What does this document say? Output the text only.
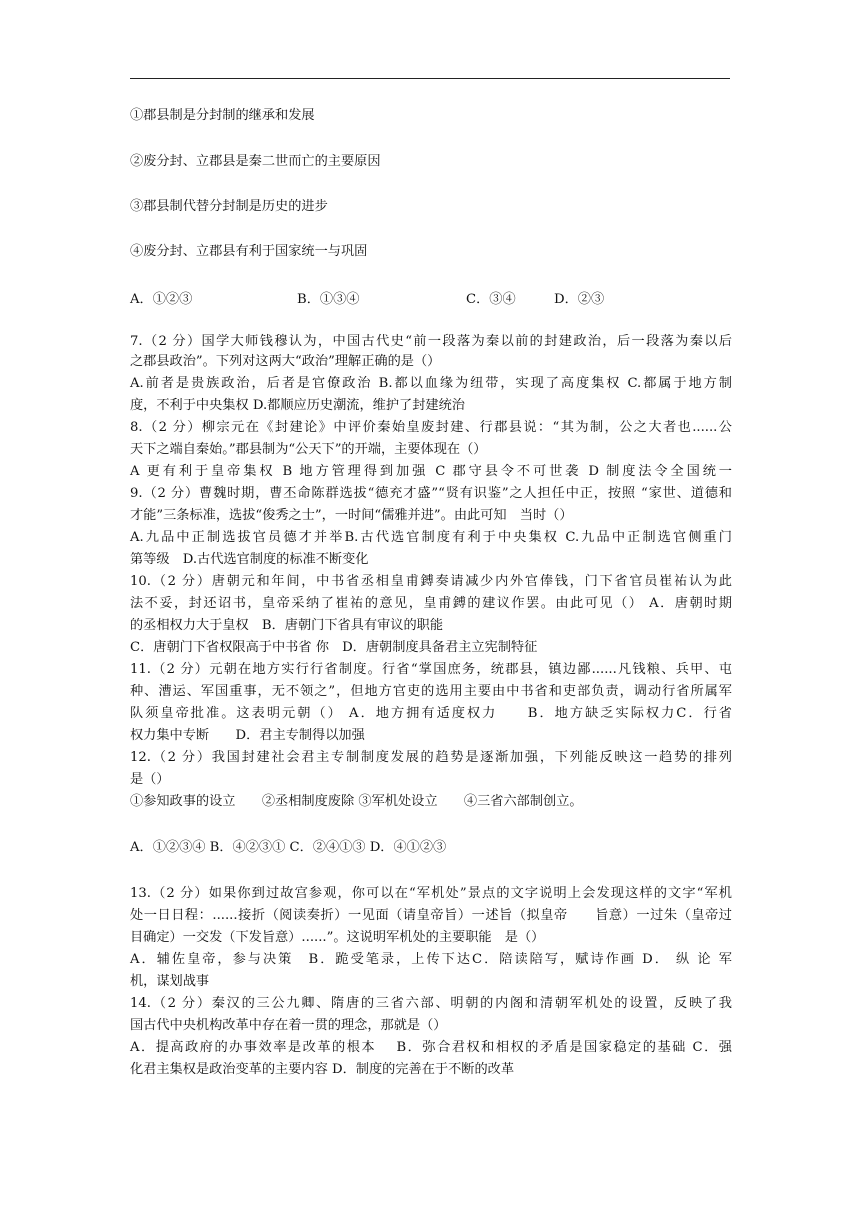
①郡县制是分封制的继承和发展
②废分封、立郡县是秦二世而亡的主要原因
③郡县制代替分封制是历史的进步
④废分封、立郡县有利于国家统一与巩固
A．①②③	B．①③④	C．③④	D．②③
7.（2 分）国学大师钱穆认为，中国古代史“前一段落为秦以前的封建政治，后一段落为秦以后
之郡县政治”。下列对这两大“政治”理解正确的是（）
A.前者是贵族政治，后者是官僚政治 B.都以血缘为纽带，实现了高度集权 C.都属于地方制
度，不利于中央集权 D.都顺应历史潮流，维护了封建统治
8.（2 分）柳宗元在《封建论》中评价秦始皇废封建、行郡县说：“其为制，公之大者也......公
天下之端自秦始。”郡县制为“公天下”的开端，主要体现在（）
A 更有利于皇帝集权 B 地方管理得到加强 C 郡守县令不可世袭 D 制度法令全国统一
9.（2 分）曹魏时期，曹丕命陈群选拔“德充才盛”“贤有识鉴”之人担任中正，按照 “家世、道德和
才能”三条标准，选拔“俊秀之士”，一时间“儒雅并进”。由此可知　当时（）
A.九品中正制选拔官员德才并举B.古代选官制度有利于中央集权 C.九品中正制选官侧重门
第等级　D.古代选官制度的标准不断变化
10.（2 分）唐朝元和年间，中书省丞相皇甫鎛奏请减少内外官俸钱，门下省官员崔祐认为此
法不妥，封还诏书，皇帝采纳了崔祐的意见，皇甫鎛的建议作罢。由此可见（） A．唐朝时期
的丞相权力大于皇权　B．唐朝门下省具有审议的职能
C．唐朝门下省权限高于中书省 你　D．唐朝制度具备君主立宪制特征
11.（2 分）元朝在地方实行行省制度。行省“掌国庶务，统郡县，镇边鄙......凡钱粮、兵甲、屯
种、漕运、军国重事，无不领之”，但地方官吏的选用主要由中书省和吏部负责，调动行省所属军
队须皇帝批准。这表明元朝（） A．地方拥有适度权力　　B．地方缺乏实际权力C．行省
权力集中专断　　D．君主专制得以加强
12.（2 分）我国封建社会君主专制制度发展的趋势是逐渐加强，下列能反映这一趋势的排列
是（）
①参知政事的设立　　②丞相制度废除 ③军机处设立　　④三省六部制创立。
A．①②③④ B．④②③① C．②④①③ D．④①②③
13.（2 分）如果你到过故宫参观，你可以在“军机处”景点的文字说明上会发现这样的文字“军机
处一日日程：......接折（阅读奏折）一见面（请皇帝旨）一述旨（拟皇帝　　旨意）一过朱（皇帝过
目确定）一交发（下发旨意）......”。这说明军机处的主要职能　是（）
A．辅佐皇帝，参与决策　B．跪受笔录，上传下达C．陪读陪写，赋诗作画 D． 纵 论 军
机，谋划战事
14.（2 分）秦汉的三公九卿、隋唐的三省六部、明朝的内阁和清朝军机处的设置，反映了我
国古代中央机构改革中存在着一贯的理念，那就是（）
A．提高政府的办事效率是改革的根本　 B．弥合君权和相权的矛盾是国家稳定的基础 C．强
化君主集权是政治变革的主要内容 D．制度的完善在于不断的改革
